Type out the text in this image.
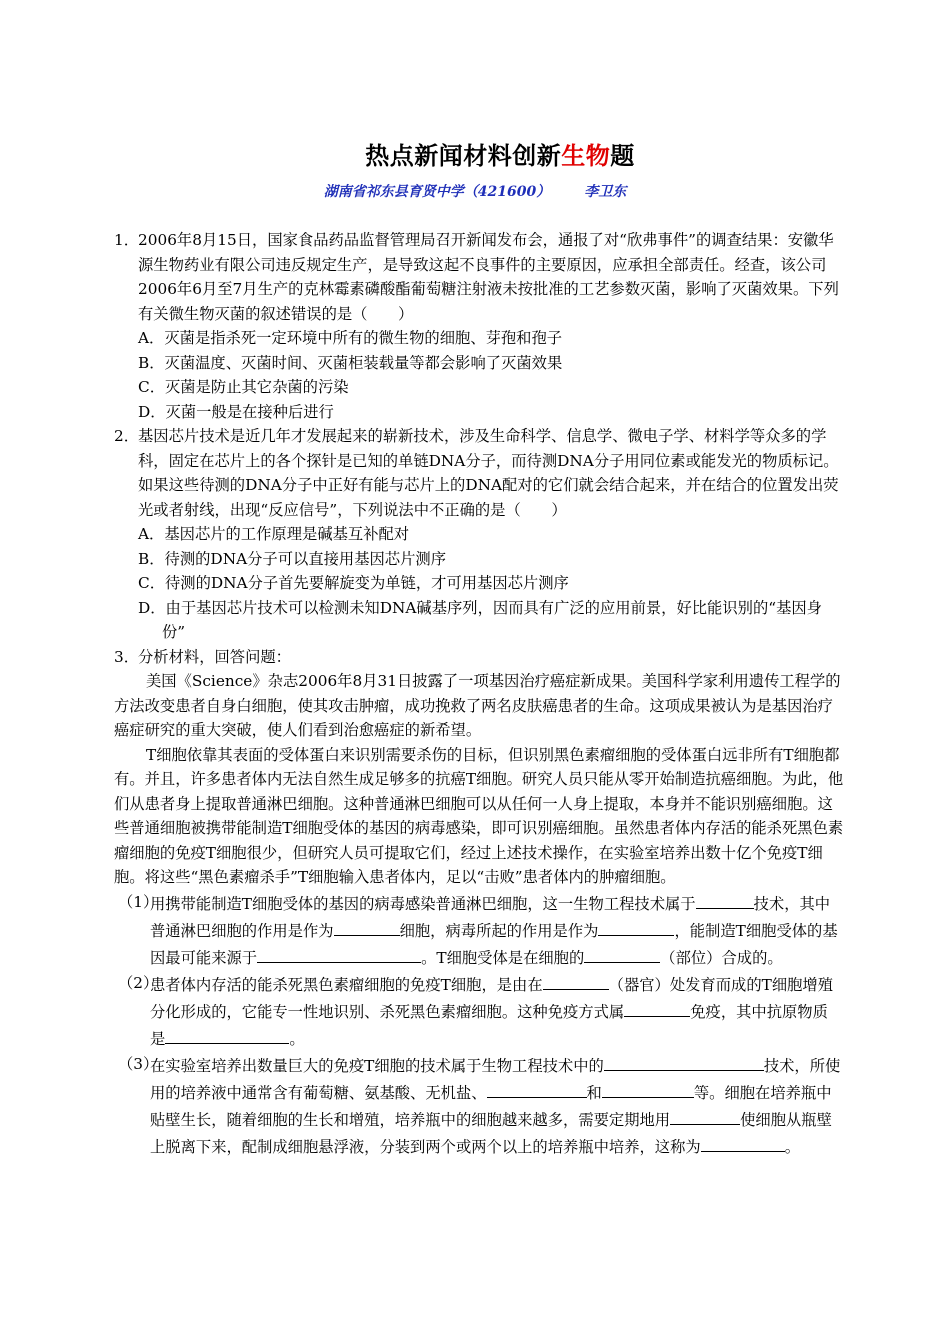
热点新闻材料创新生物题
湖南省祁东县育贤中学（421600） 李卫东
1．
2006年8月15日，国家食品药品监督管理局召开新闻发布会，通报了对“欣弗事件”的调查结果：安徽华源生物药业有限公司违反规定生产，是导致这起不良事件的主要原因，应承担全部责任。经查，该公司2006年6月至7月生产的克林霉素磷酸酯葡萄糖注射液未按批准的工艺参数灭菌，影响了灭菌效果。下列有关微生物灭菌的叙述错误的是（　　）
A．灭菌是指杀死一定环境中所有的微生物的细胞、芽孢和孢子
B．灭菌温度、灭菌时间、灭菌柜装载量等都会影响了灭菌效果
C．灭菌是防止其它杂菌的污染
D．灭菌一般是在接种后进行
2．
基因芯片技术是近几年才发展起来的崭新技术，涉及生命科学、信息学、微电子学、材料学等众多的学科，固定在芯片上的各个探针是已知的单链DNA分子，而待测DNA分子用同位素或能发光的物质标记。如果这些待测的DNA分子中正好有能与芯片上的DNA配对的它们就会结合起来，并在结合的位置发出荧光或者射线，出现“反应信号”，下列说法中不正确的是（　　）
A．基因芯片的工作原理是碱基互补配对
B．待测的DNA分子可以直接用基因芯片测序
C．待测的DNA分子首先要解旋变为单链，才可用基因芯片测序
D．由于基因芯片技术可以检测未知DNA碱基序列，因而具有广泛的应用前景，好比能识别的“基因身份”
3．
分析材料，回答问题：
美国《Science》杂志2006年8月31日披露了一项基因治疗癌症新成果。美国科学家利用遗传工程学的方法改变患者自身白细胞，使其攻击肿瘤，成功挽救了两名皮肤癌患者的生命。这项成果被认为是基因治疗癌症研究的重大突破，使人们看到治愈癌症的新希望。
T细胞依靠其表面的受体蛋白来识别需要杀伤的目标，但识别黑色素瘤细胞的受体蛋白远非所有T细胞都有。并且，许多患者体内无法自然生成足够多的抗癌T细胞。研究人员只能从零开始制造抗癌细胞。为此，他们从患者身上提取普通淋巴细胞。这种普通淋巴细胞可以从任何一人身上提取，本身并不能识别癌细胞。这些普通细胞被携带能制造T细胞受体的基因的病毒感染，即可识别癌细胞。虽然患者体内存活的能杀死黑色素瘤细胞的免疫T细胞很少，但研究人员可提取它们，经过上述技术操作，在实验室培养出数十亿个免疫T细胞。将这些“黑色素瘤杀手”T细胞输入患者体内，足以“击败”患者体内的肿瘤细胞。
（1）
用携带能制造T细胞受体的基因的病毒感染普通淋巴细胞，这一生物工程技术属于	技术，其中普通淋巴细胞的作用是作为	细胞，病毒所起的作用是作为	，能制造T细胞受体的基因最可能来源于	。T细胞受体是在细胞的	（部位）合成的。
（2）
患者体内存活的能杀死黑色素瘤细胞的免疫T细胞，是由在	（器官）处发育而成的T细胞增殖分化形成的，它能专一性地识别、杀死黑色素瘤细胞。这种免疫方式属	免疫，其中抗原物质是	。
（3）
在实验室培养出数量巨大的免疫T细胞的技术属于生物工程技术中的	技术，所使用的培养液中通常含有葡萄糖、氨基酸、无机盐、	和	等。细胞在培养瓶中贴壁生长，随着细胞的生长和增殖，培养瓶中的细胞越来越多，需要定期地用	使细胞从瓶壁上脱离下来，配制成细胞悬浮液，分装到两个或两个以上的培养瓶中培养，这称为	。
